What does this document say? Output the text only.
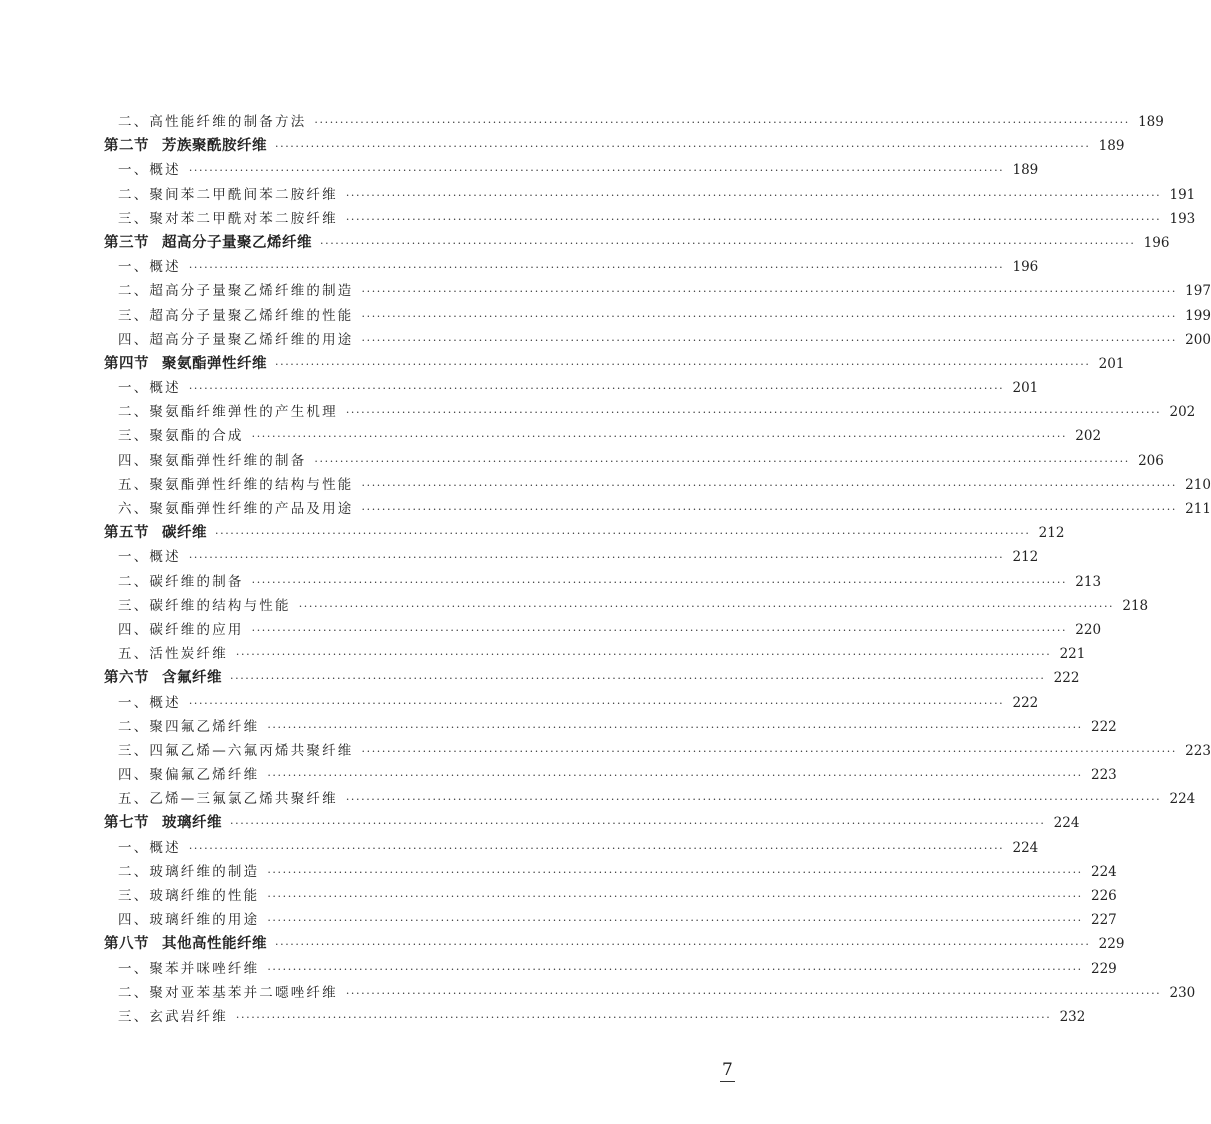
二、高性能纤维的制备方法 ································································································································································ 189
第二节 芳族聚酰胺纤维 ································································································································································ 189
一、概述 ································································································································································ 189
二、聚间苯二甲酰间苯二胺纤维 ································································································································································ 191
三、聚对苯二甲酰对苯二胺纤维 ································································································································································ 193
第三节 超高分子量聚乙烯纤维 ································································································································································ 196
一、概述 ································································································································································ 196
二、超高分子量聚乙烯纤维的制造 ································································································································································ 197
三、超高分子量聚乙烯纤维的性能 ································································································································································ 199
四、超高分子量聚乙烯纤维的用途 ································································································································································ 200
第四节 聚氨酯弹性纤维 ································································································································································ 201
一、概述 ································································································································································ 201
二、聚氨酯纤维弹性的产生机理 ································································································································································ 202
三、聚氨酯的合成 ································································································································································ 202
四、聚氨酯弹性纤维的制备 ································································································································································ 206
五、聚氨酯弹性纤维的结构与性能 ································································································································································ 210
六、聚氨酯弹性纤维的产品及用途 ································································································································································ 211
第五节 碳纤维 ································································································································································ 212
一、概述 ································································································································································ 212
二、碳纤维的制备 ································································································································································ 213
三、碳纤维的结构与性能 ································································································································································ 218
四、碳纤维的应用 ································································································································································ 220
五、活性炭纤维 ································································································································································ 221
第六节 含氟纤维 ································································································································································ 222
一、概述 ································································································································································ 222
二、聚四氟乙烯纤维 ································································································································································ 222
三、四氟乙烯—六氟丙烯共聚纤维 ································································································································································ 223
四、聚偏氟乙烯纤维 ································································································································································ 223
五、乙烯—三氟氯乙烯共聚纤维 ································································································································································ 224
第七节 玻璃纤维 ································································································································································ 224
一、概述 ································································································································································ 224
二、玻璃纤维的制造 ································································································································································ 224
三、玻璃纤维的性能 ································································································································································ 226
四、玻璃纤维的用途 ································································································································································ 227
第八节 其他高性能纤维 ································································································································································ 229
一、聚苯并咪唑纤维 ································································································································································ 229
二、聚对亚苯基苯并二噁唑纤维 ································································································································································ 230
三、玄武岩纤维 ································································································································································ 232
7
